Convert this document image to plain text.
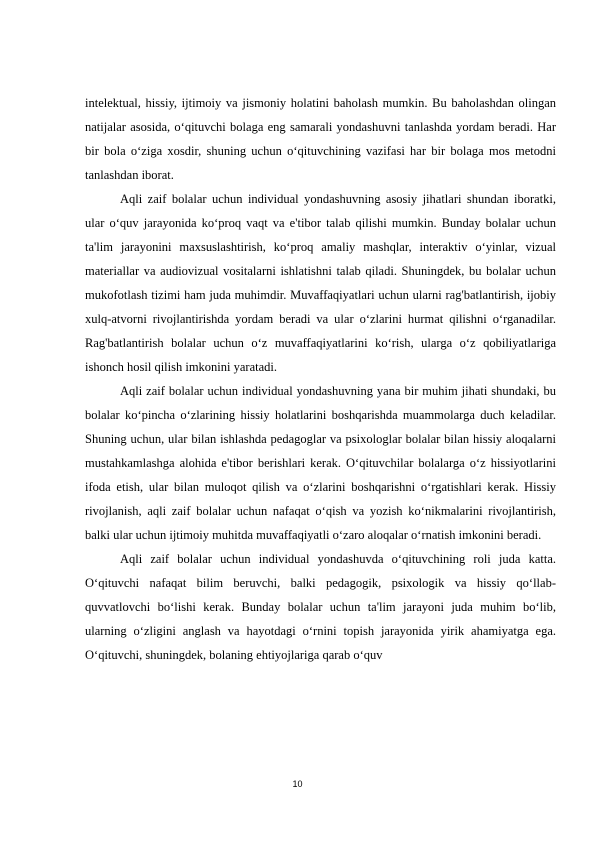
intelektual, hissiy, ijtimoiy va jismoniy holatini baholash mumkin. Bu baholashdan olingan natijalar asosida, o‘qituvchi bolaga eng samarali yondashuvni tanlashda yordam beradi. Har bir bola o‘ziga xosdir, shuning uchun o‘qituvchining vazifasi har bir bolaga mos metodni tanlashdan iborat.

Aqli zaif bolalar uchun individual yondashuvning asosiy jihatlari shundan iboratki, ular o‘quv jarayonida ko‘proq vaqt va e'tibor talab qilishi mumkin. Bunday bolalar uchun ta'lim jarayonini maxsuslashtirish, ko‘proq amaliy mashqlar, interaktiv o‘yinlar, vizual materiallar va audiovizual vositalarni ishlatishni talab qiladi. Shuningdek, bu bolalar uchun mukofotlash tizimi ham juda muhimdir. Muvaffaqiyatlari uchun ularni rag'batlantirish, ijobiy xulq-atvorni rivojlantirishda yordam beradi va ular o‘zlarini hurmat qilishni o‘rganadilar. Rag'batlantirish bolalar uchun o‘z muvaffaqiyatlarini ko‘rish, ularga o‘z qobiliyatlariga ishonch hosil qilish imkonini yaratadi.

Aqli zaif bolalar uchun individual yondashuvning yana bir muhim jihati shundaki, bu bolalar ko‘pincha o‘zlarining hissiy holatlarini boshqarishda muammolarga duch keladilar. Shuning uchun, ular bilan ishlashda pedagoglar va psixologlar bolalar bilan hissiy aloqalarni mustahkamlashga alohida e'tibor berishlari kerak. O‘qituvchilar bolalarga o‘z hissiyotlarini ifoda etish, ular bilan muloqot qilish va o‘zlarini boshqarishni o‘rgatishlari kerak. Hissiy rivojlanish, aqli zaif bolalar uchun nafaqat o‘qish va yozish ko‘nikmalarini rivojlantirish, balki ular uchun ijtimoiy muhitda muvaffaqiyatli o‘zaro aloqalar o‘rnatish imkonini beradi.

Aqli zaif bolalar uchun individual yondashuvda o‘qituvchining roli juda katta. O‘qituvchi nafaqat bilim beruvchi, balki pedagogik, psixologik va hissiy qo‘llab-quvvatlovchi bo‘lishi kerak. Bunday bolalar uchun ta'lim jarayoni juda muhim bo‘lib, ularning o‘zligini anglash va hayotdagi o‘rnini topish jarayonida yirik ahamiyatga ega. O‘qituvchi, shuningdek, bolaning ehtiyojlariga qarab o‘quv

10
